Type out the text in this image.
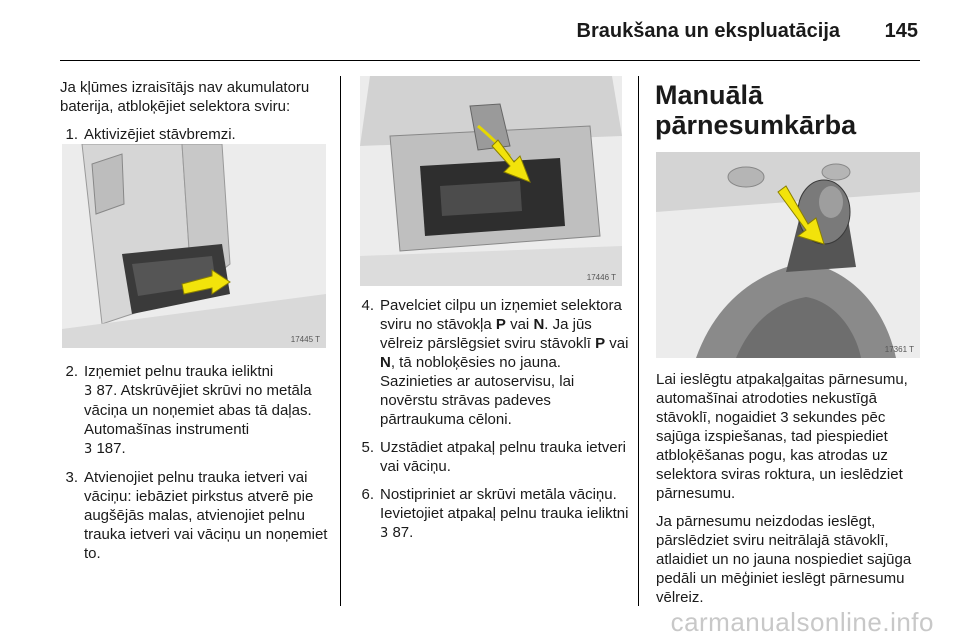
Braukšana un ekspluatācija 145

Ja kļūmes izraisītājs nav akumulatoru baterija, atbloķējiet selektora sviru:

1. Aktivizējiet stāvbremzi.
17445 T
2. Izņemiet pelnu trauka ieliktni
3 87. Atskrūvējiet skrūvi no metāla vāciņa un noņemiet abas tā daļas. Automašīnas instrumenti
3 187.
3. Atvienojiet pelnu trauka ietveri vai vāciņu: iebāziet pirkstus atverē pie augšējās malas, atvienojiet pelnu trauka ietveri vai vāciņu un noņemiet to.
17446 T
4. Pavelciet cilpu un izņemiet selektora sviru no stāvokļa P vai N. Ja jūs vēlreiz pārslēgsiet sviru stāvoklī P vai N, tā nobloķēsies no jauna. Sazinieties ar autoservisu, lai novērstu strāvas padeves pārtraukuma cēloni.
5. Uzstādiet atpakaļ pelnu trauka ietveri vai vāciņu.
6. Nostipriniet ar skrūvi metāla vāciņu. Ievietojiet atpakaļ pelnu trauka ieliktni 3 87.
Manuālā pārnesumkārba
17361 T

Lai ieslēgtu atpakaļgaitas pārnesumu, automašīnai atrodoties nekustīgā stāvoklī, nogaidiet 3 sekundes pēc sajūga izspiešanas, tad piespiediet atbloķēšanas pogu, kas atrodas uz selektora sviras roktura, un ieslēdziet pārnesumu.

Ja pārnesumu neizdodas ieslēgt, pārslēdziet sviru neitrālajā stāvoklī, atlaidiet un no jauna nospiediet sajūga pedāli un mēģiniet ieslēgt pārnesumu vēlreiz.

carmanualsonline.info
